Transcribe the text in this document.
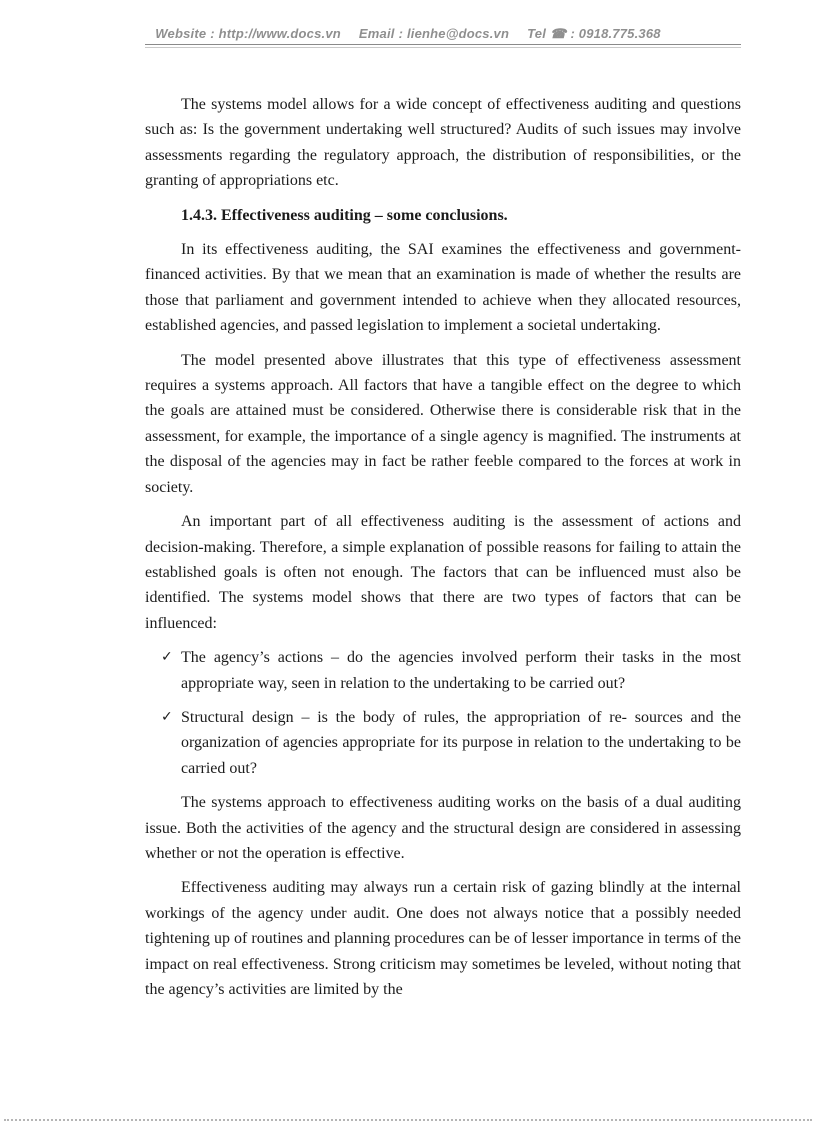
Website : http://www.docs.vn Email : lienhe@docs.vn Tel ☎ : 0918.775.368

The systems model allows for a wide concept of effectiveness auditing and questions such as: Is the government undertaking well structured? Audits of such issues may involve assessments regarding the regulatory approach, the distribution of responsibilities, or the granting of appropriations etc.

1.4.3. Effectiveness auditing – some conclusions.

In its effectiveness auditing, the SAI examines the effectiveness and government-financed activities. By that we mean that an examination is made of whether the results are those that parliament and government intended to achieve when they allocated resources, established agencies, and passed legislation to implement a societal undertaking.

The model presented above illustrates that this type of effectiveness assessment requires a systems approach. All factors that have a tangible effect on the degree to which the goals are attained must be considered. Otherwise there is considerable risk that in the assessment, for example, the importance of a single agency is magnified. The instruments at the disposal of the agencies may in fact be rather feeble compared to the forces at work in society.

An important part of all effectiveness auditing is the assessment of actions and decision-making. Therefore, a simple explanation of possible reasons for failing to attain the established goals is often not enough. The factors that can be influenced must also be identified. The systems model shows that there are two types of factors that can be influenced:

✓ The agency’s actions – do the agencies involved perform their tasks in the most appropriate way, seen in relation to the undertaking to be carried out?
✓ Structural design – is the body of rules, the appropriation of re- sources and the organization of agencies appropriate for its purpose in relation to the undertaking to be carried out?

The systems approach to effectiveness auditing works on the basis of a dual auditing issue. Both the activities of the agency and the structural design are considered in assessing whether or not the operation is effective.

Effectiveness auditing may always run a certain risk of gazing blindly at the internal workings of the agency under audit. One does not always notice that a possibly needed tightening up of routines and planning procedures can be of lesser importance in terms of the impact on real effectiveness. Strong criticism may sometimes be leveled, without noting that the agency’s activities are limited by the
